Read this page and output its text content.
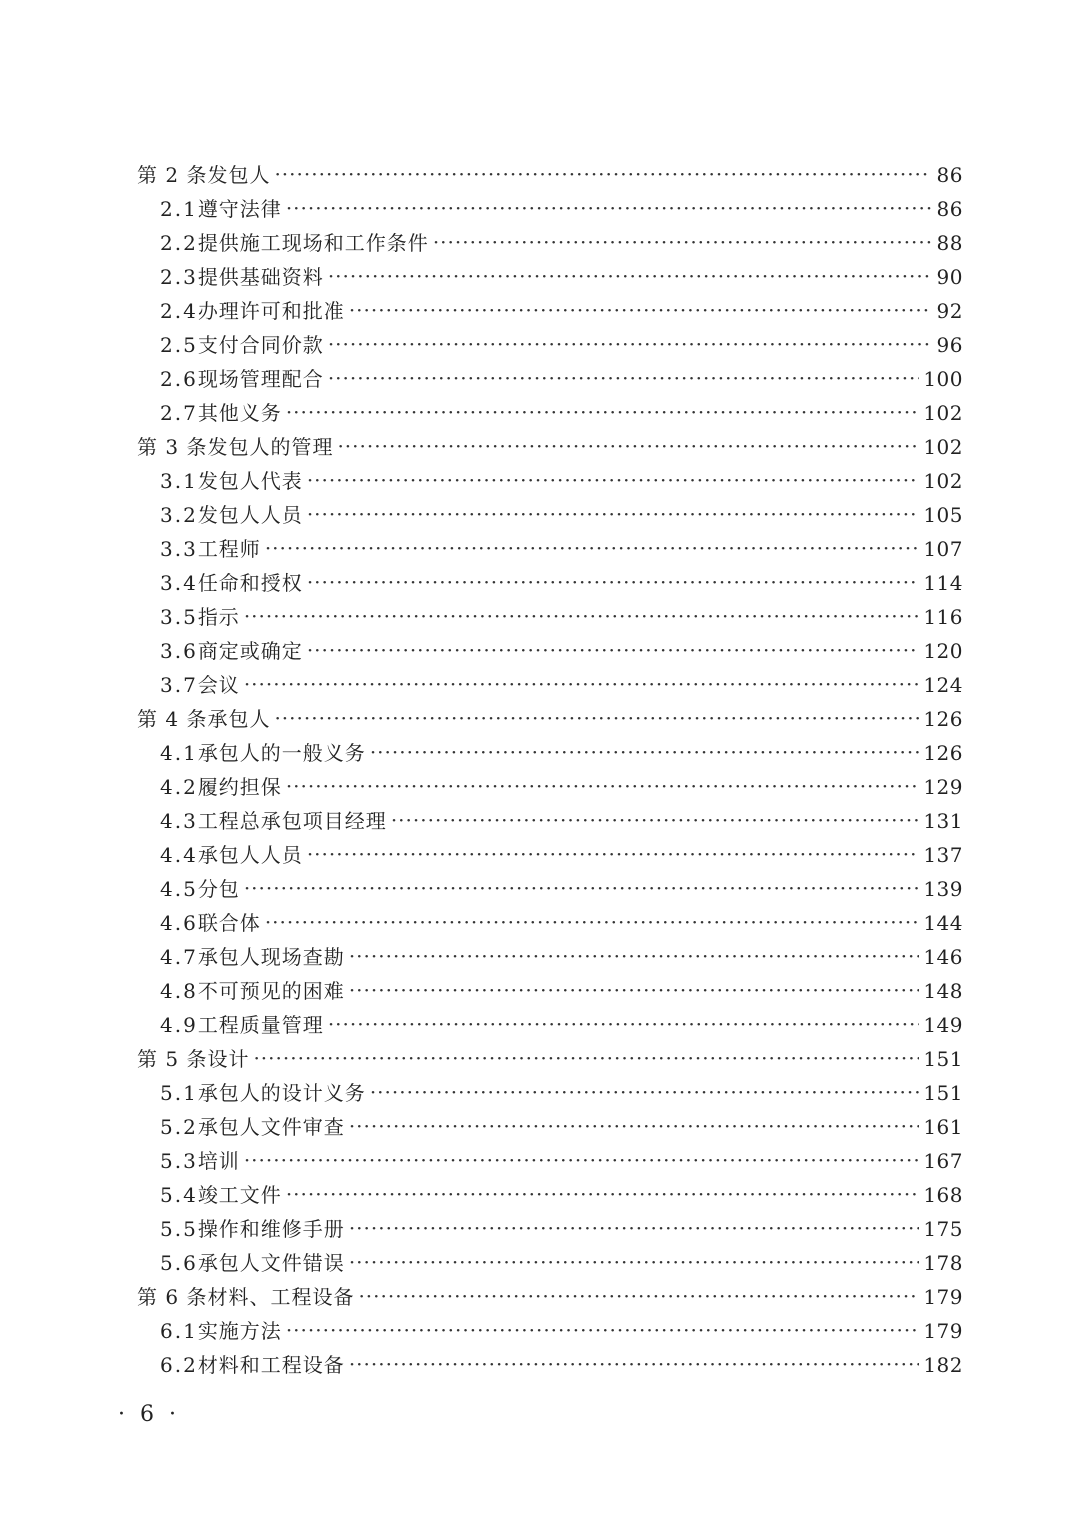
第 2 条 发包人 ·····	86
2.1 遵守法律 ·····	86
2.2 提供施工现场和工作条件 ·····	88
2.3 提供基础资料 ·····	90
2.4 办理许可和批准 ·····	92
2.5 支付合同价款 ·····	96
2.6 现场管理配合 ·····	100
2.7 其他义务 ·····	102
第 3 条 发包人的管理 ·····	102
3.1 发包人代表 ·····	102
3.2 发包人人员 ·····	105
3.3 工程师 ·····	107
3.4 任命和授权 ·····	114
3.5 指示 ·····	116
3.6 商定或确定 ·····	120
3.7 会议 ·····	124
第 4 条 承包人 ·····	126
4.1 承包人的一般义务 ·····	126
4.2 履约担保 ·····	129
4.3 工程总承包项目经理 ·····	131
4.4 承包人人员 ·····	137
4.5 分包 ·····	139
4.6 联合体 ·····	144
4.7 承包人现场查勘 ·····	146
4.8 不可预见的困难 ·····	148
4.9 工程质量管理 ·····	149
第 5 条 设计 ·····	151
5.1 承包人的设计义务 ·····	151
5.2 承包人文件审查 ·····	161
5.3 培训 ·····	167
5.4 竣工文件 ·····	168
5.5 操作和维修手册 ·····	175
5.6 承包人文件错误 ·····	178
第 6 条 材料、工程设备 ·····	179
6.1 实施方法 ·····	179
6.2 材料和工程设备 ·····	182
· 6 ·
